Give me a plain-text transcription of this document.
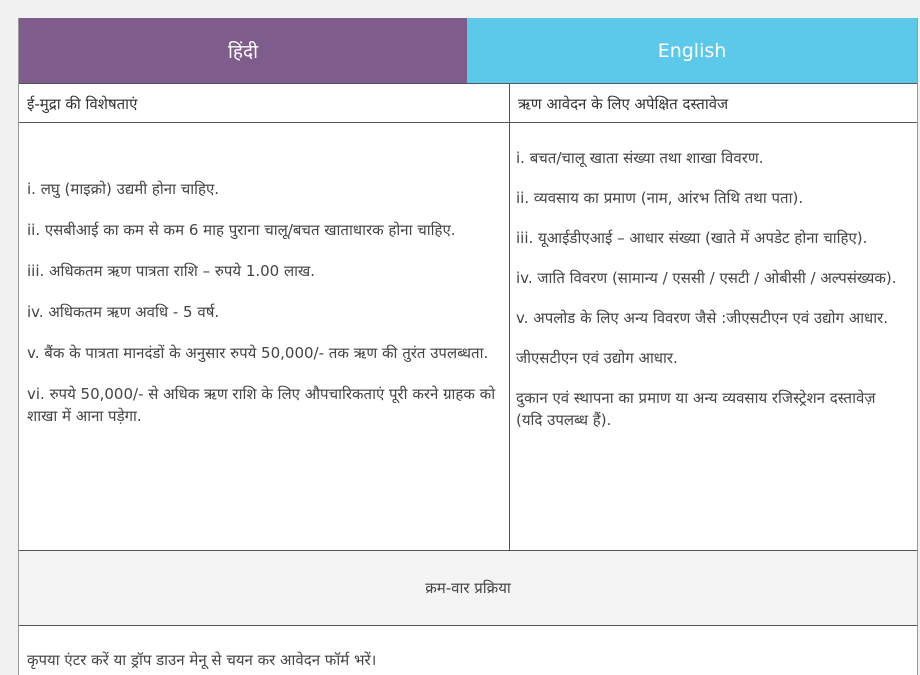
हिंदी	English
ई-मुद्रा की विशेषताएं	ऋण आवेदन के लिए अपेक्षित दस्तावेज
i. लघु (माइक्रो) उद्यमी होना चाहिए.
ii. एसबीआई का कम से कम 6 माह पुराना चालू/बचत खाताधारक होना चाहिए.
iii. अधिकतम ऋण पात्रता राशि – रुपये 1.00 लाख.
iv. अधिकतम ऋण अवधि - 5 वर्ष.
v. बैंक के पात्रता मानदंडों के अनुसार रुपये 50,000/- तक ऋण की तुरंत उपलब्धता.
vi. रुपये 50,000/- से अधिक ऋण राशि के लिए औपचारिकताएं पूरी करने ग्राहक को शाखा में आना पड़ेगा.
i. बचत/चालू खाता संख्या तथा शाखा विवरण.
ii. व्यवसाय का प्रमाण (नाम, आंरभ तिथि तथा पता).
iii. यूआईडीएआई – आधार संख्या (खाते में अपडेट होना चाहिए).
iv. जाति विवरण (सामान्य / एससी / एसटी / ओबीसी / अल्पसंख्यक).
v. अपलोड के लिए अन्य विवरण जैसे :जीएसटीएन एवं उद्योग आधार.
जीएसटीएन एवं उद्योग आधार.
दुकान एवं स्थापना का प्रमाण या अन्य व्यवसाय रजिस्ट्रेशन दस्तावेज़ (यदि उपलब्ध हैं).
क्रम-वार प्रक्रिया
कृपया एंटर करें या ड्रॉप डाउन मेनू से चयन कर आवेदन फॉर्म भरें।
